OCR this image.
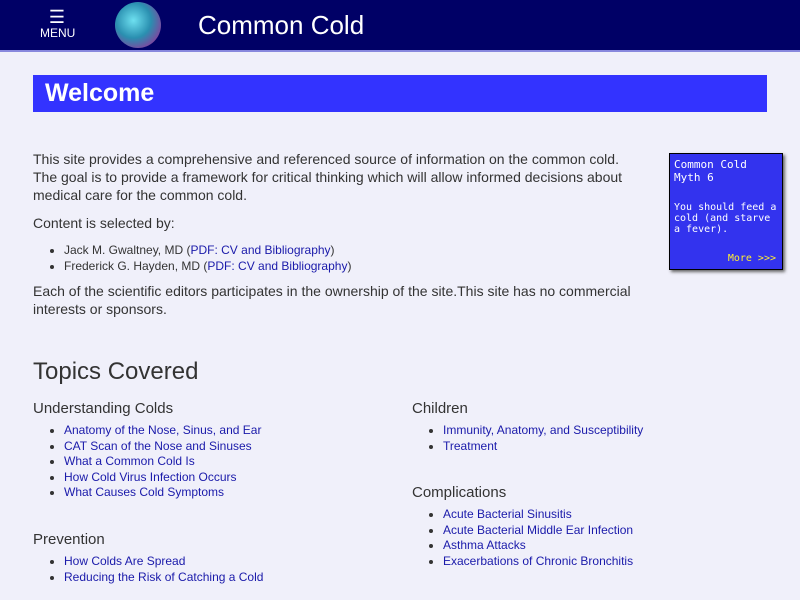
☰
MENU	Common Cold
Welcome

This site provides a comprehensive and referenced source of information on the common cold. The goal is to provide a framework for critical thinking which will allow informed decisions about medical care for the common cold.

Content is selected by:

• Jack M. Gwaltney, MD (PDF: CV and Bibliography)
• Frederick G. Hayden, MD (PDF: CV and Bibliography)

Each of the scientific editors participates in the ownership of the site.This site has no commercial interests or sponsors.

Common Cold Myth 6
You should feed a cold (and starve a fever).
More >>>
Topics Covered
Understanding Colds
• Anatomy of the Nose, Sinus, and Ear
• CAT Scan of the Nose and Sinuses
• What a Common Cold Is
• How Cold Virus Infection Occurs
• What Causes Cold Symptoms
Prevention
• How Colds Are Spread
• Reducing the Risk of Catching a Cold
Children
• Immunity, Anatomy, and Susceptibility
• Treatment
Complications
• Acute Bacterial Sinusitis
• Acute Bacterial Middle Ear Infection
• Asthma Attacks
• Exacerbations of Chronic Bronchitis
